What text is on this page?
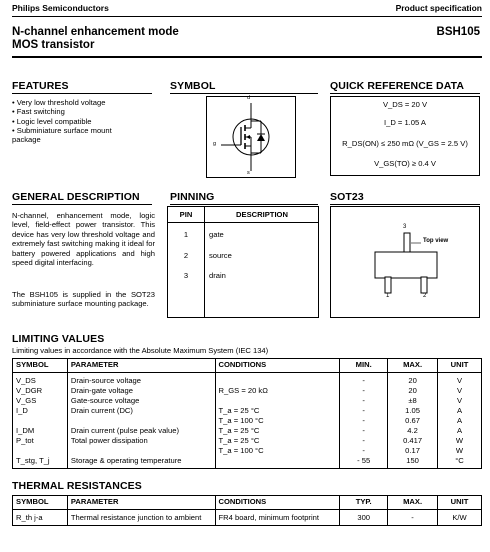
Philips Semiconductors	Product specification
N-channel enhancement mode
MOS transistor
BSH105
FEATURES
• Very low threshold voltage
• Fast switching
• Logic level compatible
• Subminiature surface mount
package
SYMBOL
d
g
s
QUICK REFERENCE DATA
V_DS = 20 V
I_D = 1.05 A
R_DS(ON) ≤ 250 mΩ (V_GS = 2.5 V)
V_GS(TO) ≥ 0.4 V
GENERAL DESCRIPTION
N-channel, enhancement mode, logic level, field-effect power transistor. This device has very low threshold voltage and extremely fast switching making it ideal for battery powered applications and high speed digital interfacing.
The BSH105 is supplied in the SOT23 subminiature surface mounting package.
PINNING
PIN	DESCRIPTION
1	gate
2	source
3	drain
SOT23
3
Top view
1	2
LIMITING VALUES
Limiting values in accordance with the Absolute Maximum System (IEC 134)
SYMBOL	PARAMETER	CONDITIONS	MIN.	MAX.	UNIT
V_DS	Drain-source voltage		-	20	V
V_DGR	Drain-gate voltage	R_GS = 20 kΩ	-	20	V
V_GS	Gate-source voltage		-	±8	V
I_D	Drain current (DC)	T_a = 25 °C	-	1.05	A
		T_a = 100 °C	-	0.67	A
I_DM	Drain current (pulse peak value)	T_a = 25 °C	-	4.2	A
P_tot	Total power dissipation	T_a = 25 °C	-	0.417	W
		T_a = 100 °C	-	0.17	W
T_stg, T_j	Storage & operating temperature		- 55	150	°C
THERMAL RESISTANCES
SYMBOL	PARAMETER	CONDITIONS	TYP.	MAX.	UNIT
R_th j-a	Thermal resistance junction to ambient	FR4 board, minimum footprint	300	-	K/W
